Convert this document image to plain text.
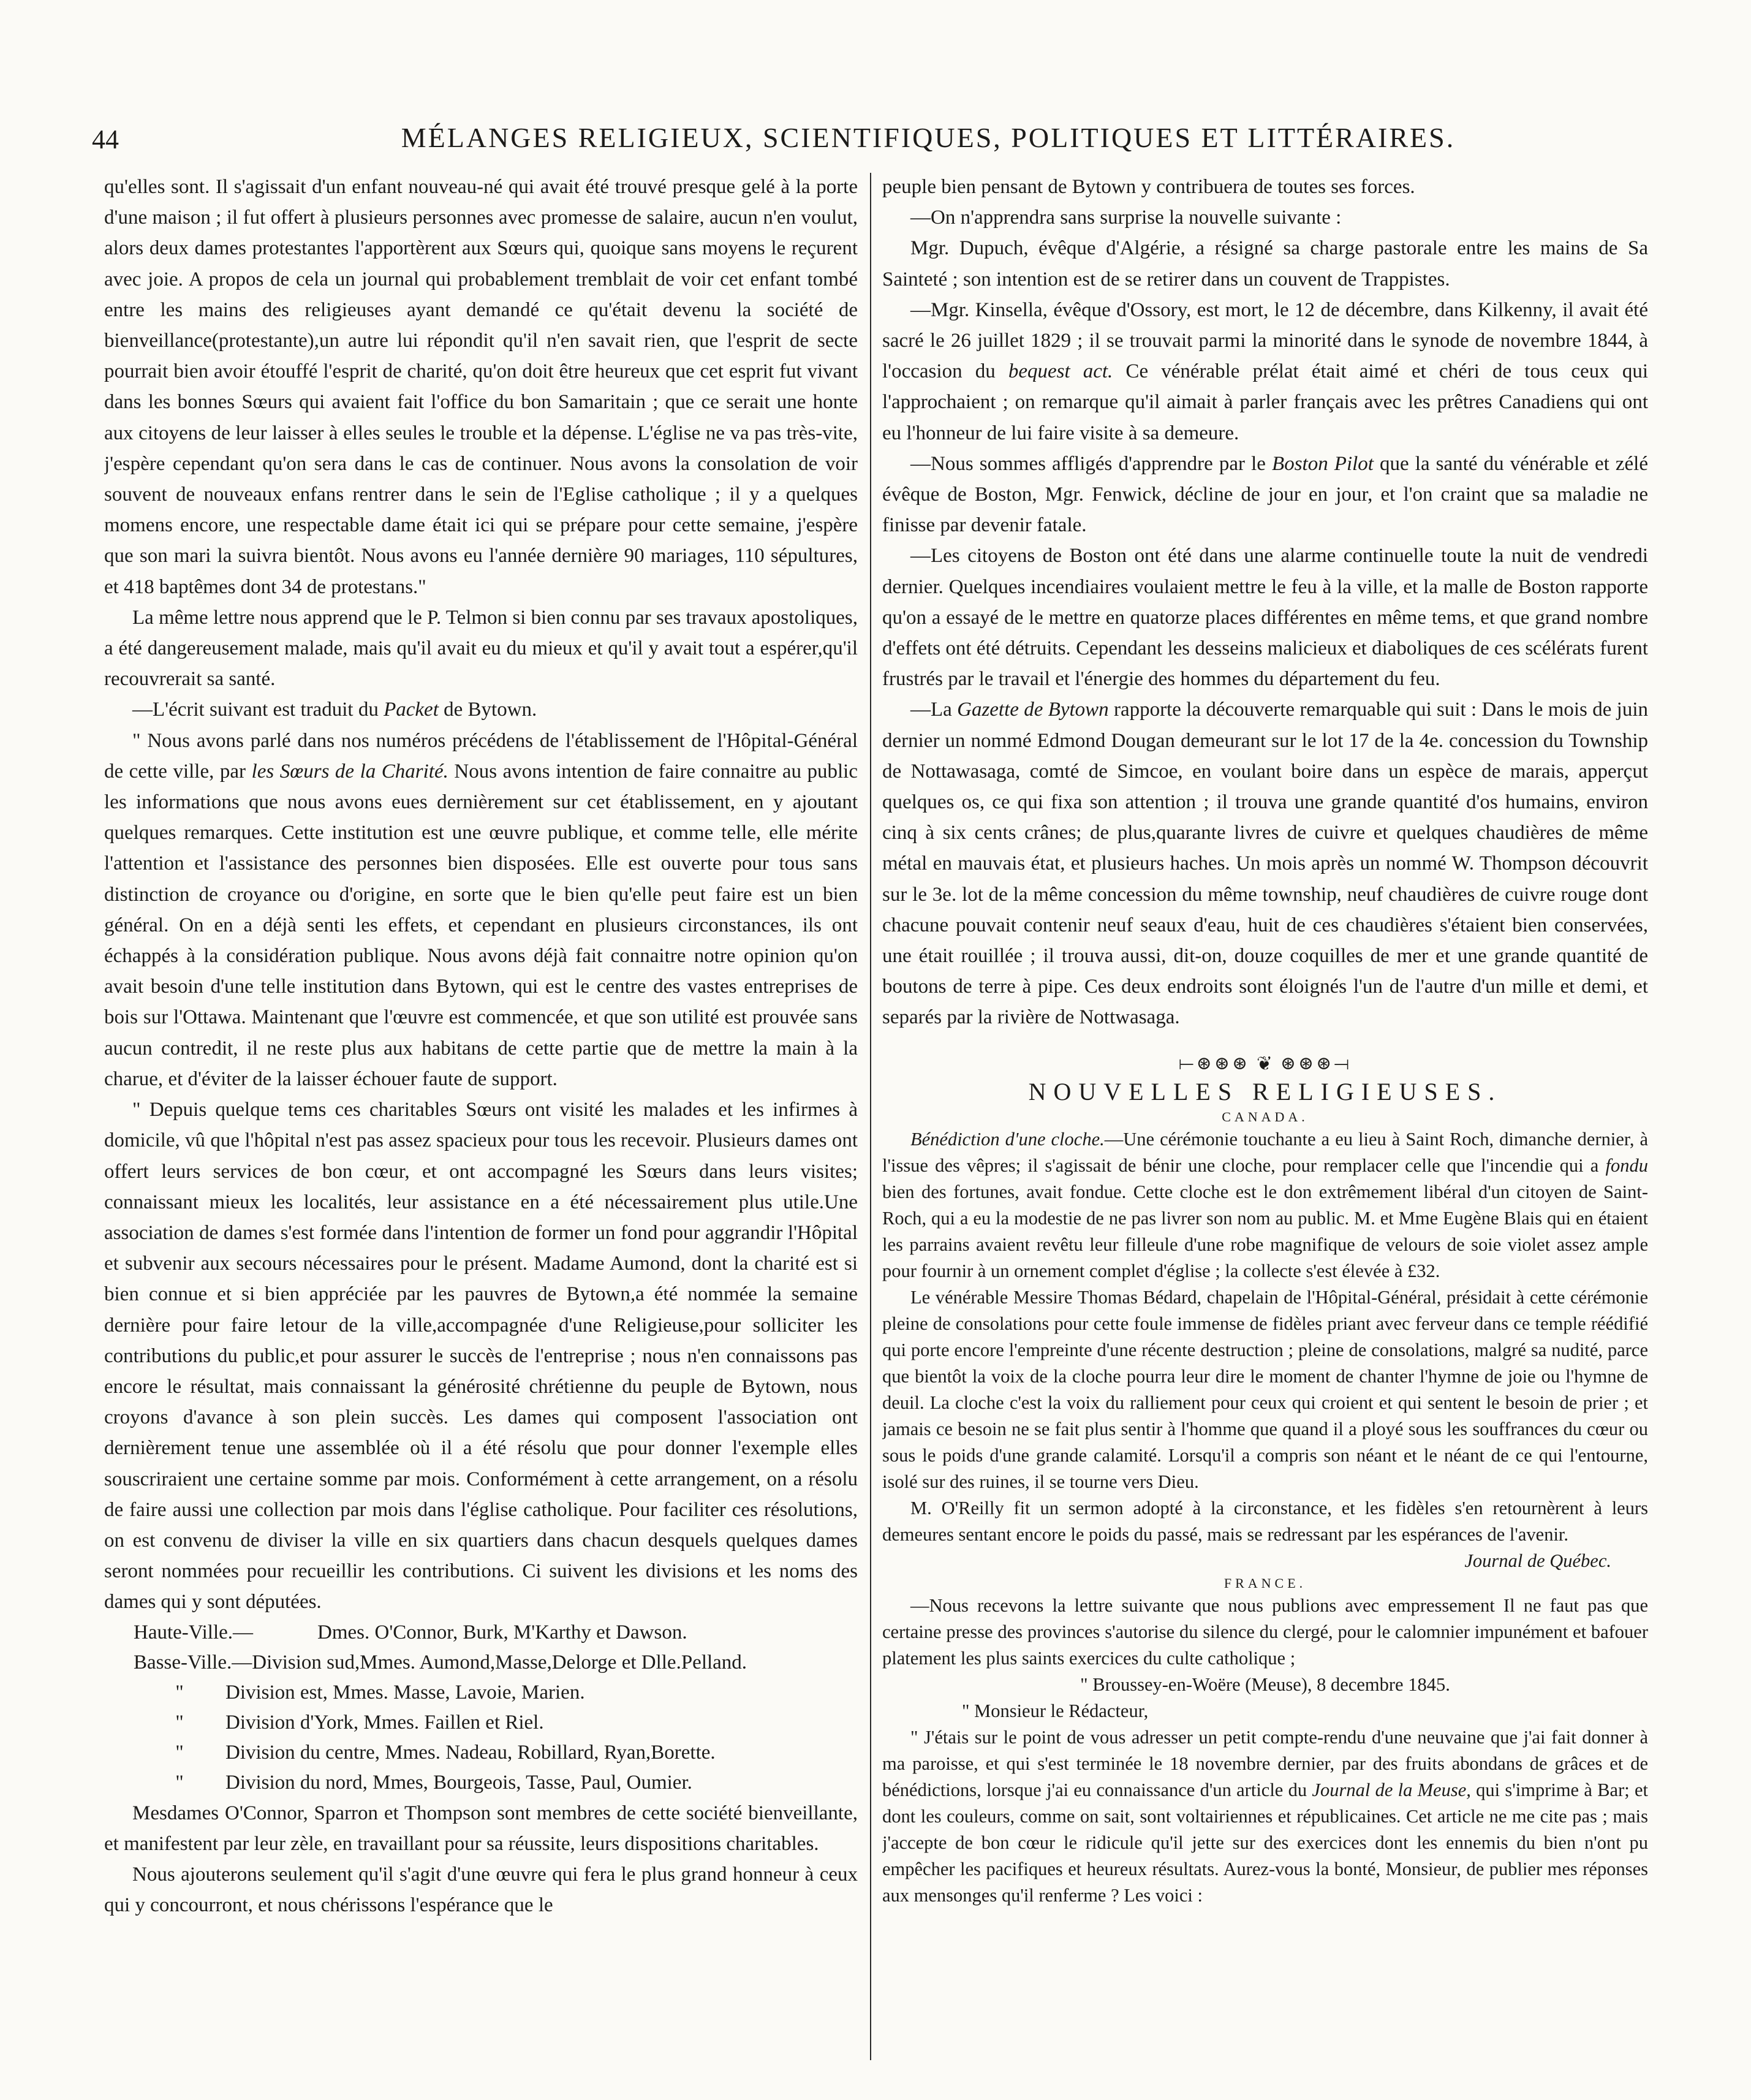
44	MÉLANGES RELIGIEUX, SCIENTIFIQUES, POLITIQUES ET LITTÉRAIRES.

qu'elles sont. Il s'agissait d'un enfant nouveau-né qui avait été trouvé presque gelé à la porte d'une maison ; il fut offert à plusieurs personnes avec promesse de salaire, aucun n'en voulut, alors deux dames protestantes l'apportèrent aux Sœurs qui, quoique sans moyens le reçurent avec joie. A propos de cela un journal qui probablement tremblait de voir cet enfant tombé entre les mains des religieuses ayant demandé ce qu'était devenu la société de bienveillance(protestante),un autre lui répondit qu'il n'en savait rien, que l'esprit de secte pourrait bien avoir étouffé l'esprit de charité, qu'on doit être heureux que cet esprit fut vivant dans les bonnes Sœurs qui avaient fait l'office du bon Samaritain ; que ce serait une honte aux citoyens de leur laisser à elles seules le trouble et la dépense. L'église ne va pas très-vite, j'espère cependant qu'on sera dans le cas de continuer. Nous avons la consolation de voir souvent de nouveaux enfans rentrer dans le sein de l'Eglise catholique ; il y a quelques momens encore, une respectable dame était ici qui se prépare pour cette semaine, j'espère que son mari la suivra bientôt. Nous avons eu l'année dernière 90 mariages, 110 sépultures, et 418 baptêmes dont 34 de protestans."

La même lettre nous apprend que le P. Telmon si bien connu par ses travaux apostoliques, a été dangereusement malade, mais qu'il avait eu du mieux et qu'il y avait tout a espérer,qu'il recouvrerait sa santé.

—L'écrit suivant est traduit du Packet de Bytown.

" Nous avons parlé dans nos numéros précédens de l'établissement de l'Hôpital-Général de cette ville, par les Sœurs de la Charité. Nous avons intention de faire connaitre au public les informations que nous avons eues dernièrement sur cet établissement, en y ajoutant quelques remarques. Cette institution est une œuvre publique, et comme telle, elle mérite l'attention et l'assistance des personnes bien disposées. Elle est ouverte pour tous sans distinction de croyance ou d'origine, en sorte que le bien qu'elle peut faire est un bien général. On en a déjà senti les effets, et cependant en plusieurs circonstances, ils ont échappés à la considération publique. Nous avons déjà fait connaitre notre opinion qu'on avait besoin d'une telle institution dans Bytown, qui est le centre des vastes entreprises de bois sur l'Ottawa. Maintenant que l'œuvre est commencée, et que son utilité est prouvée sans aucun contredit, il ne reste plus aux habitans de cette partie que de mettre la main à la charue, et d'éviter de la laisser échouer faute de support.

" Depuis quelque tems ces charitables Sœurs ont visité les malades et les infirmes à domicile, vû que l'hôpital n'est pas assez spacieux pour tous les recevoir. Plusieurs dames ont offert leurs services de bon cœur, et ont accompagné les Sœurs dans leurs visites; connaissant mieux les localités, leur assistance en a été nécessairement plus utile.Une association de dames s'est formée dans l'intention de former un fond pour aggrandir l'Hôpital et subvenir aux secours nécessaires pour le présent. Madame Aumond, dont la charité est si bien connue et si bien appréciée par les pauvres de Bytown,a été nommée la semaine dernière pour faire letour de la ville,accompagnée d'une Religieuse,pour solliciter les contributions du public,et pour assurer le succès de l'entreprise ; nous n'en connaissons pas encore le résultat, mais connaissant la générosité chrétienne du peuple de Bytown, nous croyons d'avance à son plein succès. Les dames qui composent l'association ont dernièrement tenue une assemblée où il a été résolu que pour donner l'exemple elles souscriraient une certaine somme par mois. Conformément à cette arrangement, on a résolu de faire aussi une collection par mois dans l'église catholique. Pour faciliter ces résolutions, on est convenu de diviser la ville en six quartiers dans chacun desquels quelques dames seront nommées pour recueillir les contributions. Ci suivent les divisions et les noms des dames qui y sont députées.

Haute-Ville.—	Dmes. O'Connor, Burk, M'Karthy et Dawson.
Basse-Ville.—Division sud,Mmes. Aumond,Masse,Delorge et Dlle.Pelland.
" Division est, Mmes. Masse, Lavoie, Marien.
" Division d'York, Mmes. Faillen et Riel.
" Division du centre, Mmes. Nadeau, Robillard, Ryan,Borette.
" Division du nord, Mmes, Bourgeois, Tasse, Paul, Oumier.

Mesdames O'Connor, Sparron et Thompson sont membres de cette société bienveillante, et manifestent par leur zèle, en travaillant pour sa réussite, leurs dispositions charitables.

Nous ajouterons seulement qu'il s'agit d'une œuvre qui fera le plus grand honneur à ceux qui y concourront, et nous chérissons l'espérance que le

peuple bien pensant de Bytown y contribuera de toutes ses forces.

—On n'apprendra sans surprise la nouvelle suivante :

Mgr. Dupuch, évêque d'Algérie, a résigné sa charge pastorale entre les mains de Sa Sainteté ; son intention est de se retirer dans un couvent de Trappistes.

—Mgr. Kinsella, évêque d'Ossory, est mort, le 12 de décembre, dans Kilkenny, il avait été sacré le 26 juillet 1829 ; il se trouvait parmi la minorité dans le synode de novembre 1844, à l'occasion du bequest act. Ce vénérable prélat était aimé et chéri de tous ceux qui l'approchaient ; on remarque qu'il aimait à parler français avec les prêtres Canadiens qui ont eu l'honneur de lui faire visite à sa demeure.

—Nous sommes affligés d'apprendre par le Boston Pilot que la santé du vénérable et zélé évêque de Boston, Mgr. Fenwick, décline de jour en jour, et l'on craint que sa maladie ne finisse par devenir fatale.

—Les citoyens de Boston ont été dans une alarme continuelle toute la nuit de vendredi dernier. Quelques incendiaires voulaient mettre le feu à la ville, et la malle de Boston rapporte qu'on a essayé de le mettre en quatorze places différentes en même tems, et que grand nombre d'effets ont été détruits. Cependant les desseins malicieux et diaboliques de ces scélérats furent frustrés par le travail et l'énergie des hommes du département du feu.

—La Gazette de Bytown rapporte la découverte remarquable qui suit : Dans le mois de juin dernier un nommé Edmond Dougan demeurant sur le lot 17 de la 4e. concession du Township de Nottawasaga, comté de Simcoe, en voulant boire dans un espèce de marais, apperçut quelques os, ce qui fixa son attention ; il trouva une grande quantité d'os humains, environ cinq à six cents crânes; de plus,quarante livres de cuivre et quelques chaudières de même métal en mauvais état, et plusieurs haches. Un mois après un nommé W. Thompson découvrit sur le 3e. lot de la même concession du même township, neuf chaudières de cuivre rouge dont chacune pouvait contenir neuf seaux d'eau, huit de ces chaudières s'étaient bien conservées, une était rouillée ; il trouva aussi, dit-on, douze coquilles de mer et une grande quantité de boutons de terre à pipe. Ces deux endroits sont éloignés l'un de l'autre d'un mille et demi, et separés par la rivière de Nottwasaga.

⟝⊛⊛⊛ ❦ ⊛⊛⊛⟞
NOUVELLES RELIGIEUSES.
CANADA.

Bénédiction d'une cloche.—Une cérémonie touchante a eu lieu à Saint Roch, dimanche dernier, à l'issue des vêpres; il s'agissait de bénir une cloche, pour remplacer celle que l'incendie qui a fondu bien des fortunes, avait fondue. Cette cloche est le don extrêmement libéral d'un citoyen de Saint-Roch, qui a eu la modestie de ne pas livrer son nom au public. M. et Mme Eugène Blais qui en étaient les parrains avaient revêtu leur filleule d'une robe magnifique de velours de soie violet assez ample pour fournir à un ornement complet d'église ; la collecte s'est élevée à £32.

Le vénérable Messire Thomas Bédard, chapelain de l'Hôpital-Général, présidait à cette cérémonie pleine de consolations pour cette foule immense de fidèles priant avec ferveur dans ce temple réédifié qui porte encore l'empreinte d'une récente destruction ; pleine de consolations, malgré sa nudité, parce que bientôt la voix de la cloche pourra leur dire le moment de chanter l'hymne de joie ou l'hymne de deuil. La cloche c'est la voix du ralliement pour ceux qui croient et qui sentent le besoin de prier ; et jamais ce besoin ne se fait plus sentir à l'homme que quand il a ployé sous les souffrances du cœur ou sous le poids d'une grande calamité. Lorsqu'il a compris son néant et le néant de ce qui l'entourne, isolé sur des ruines, il se tourne vers Dieu.

M. O'Reilly fit un sermon adopté à la circonstance, et les fidèles s'en retournèrent à leurs demeures sentant encore le poids du passé, mais se redressant par les espérances de l'avenir.

Journal de Québec.

FRANCE.

—Nous recevons la lettre suivante que nous publions avec empressement Il ne faut pas que certaine presse des provinces s'autorise du silence du clergé, pour le calomnier impunément et bafouer platement les plus saints exercices du culte catholique ;

" Broussey-en-Woëre (Meuse), 8 decembre 1845.

" Monsieur le Rédacteur,

" J'étais sur le point de vous adresser un petit compte-rendu d'une neuvaine que j'ai fait donner à ma paroisse, et qui s'est terminée le 18 novembre dernier, par des fruits abondans de grâces et de bénédictions, lorsque j'ai eu connaissance d'un article du Journal de la Meuse, qui s'imprime à Bar; et dont les couleurs, comme on sait, sont voltairiennes et républicaines. Cet article ne me cite pas ; mais j'accepte de bon cœur le ridicule qu'il jette sur des exercices dont les ennemis du bien n'ont pu empêcher les pacifiques et heureux résultats. Aurez-vous la bonté, Monsieur, de publier mes réponses aux mensonges qu'il renferme ? Les voici :
